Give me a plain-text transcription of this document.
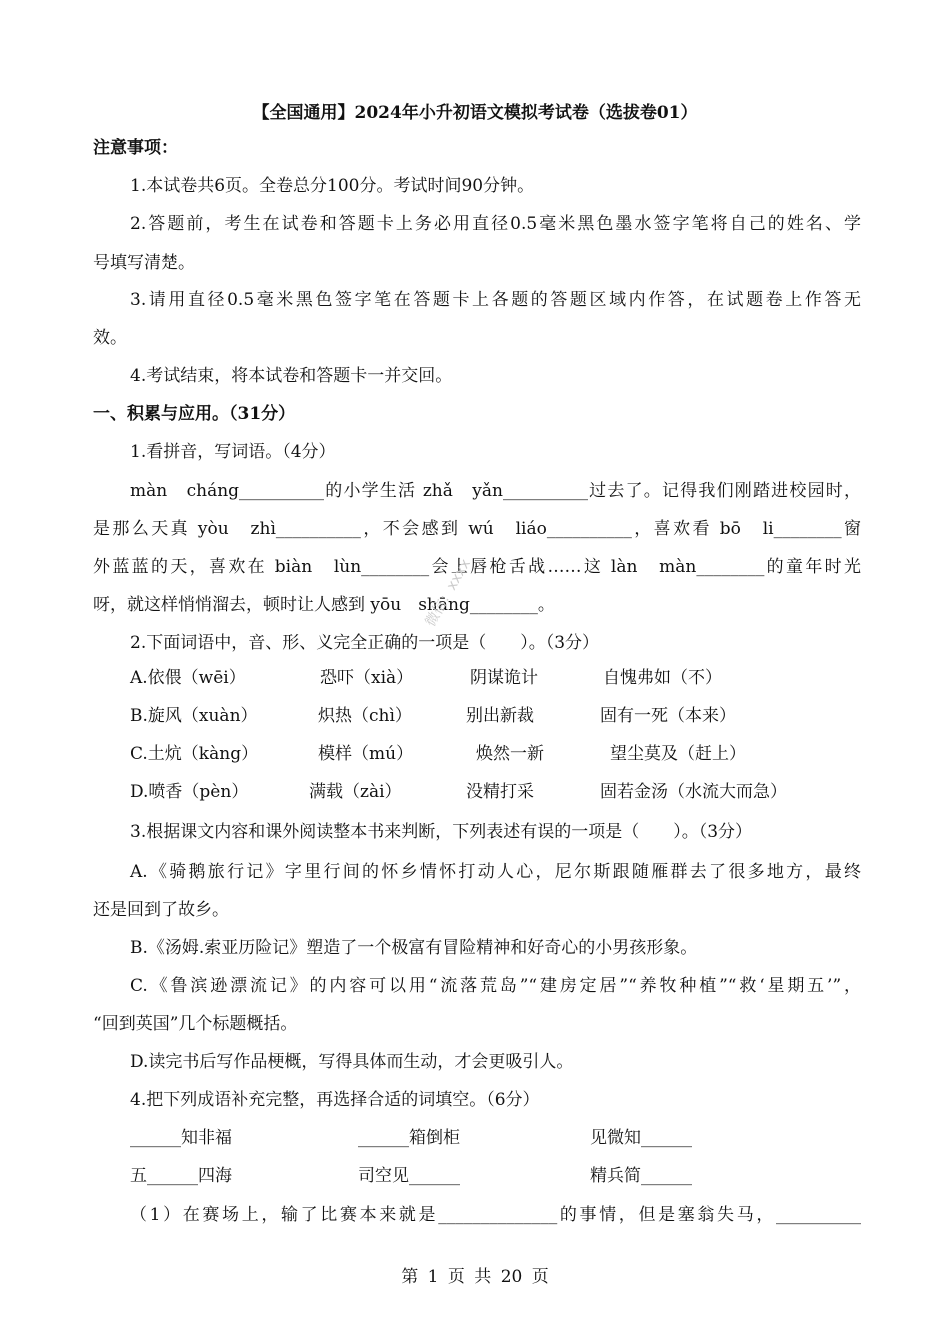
【全国通用】2024年小升初语文模拟考试卷（选拔卷01）
注意事项：
1.本试卷共6页。全卷总分100分。考试时间90分钟。
2.答题前，考生在试卷和答题卡上务必用直径0.5毫米黑色墨水签字笔将自己的姓名、学
号填写清楚。
3.请用直径0.5毫米黑色签字笔在答题卡上各题的答题区域内作答，在试题卷上作答无
效。
4.考试结束，将本试卷和答题卡一并交回。
一、积累与应用。（31分）
1.看拼音，写词语。（4分）
màn　cháng__________的小学生活 zhǎ　yǎn__________过去了。记得我们刚踏进校园时，
是那么天真 yòu　zhì__________，不会感到 wú　liáo__________，喜欢看 bō　li________窗
外蓝蓝的天，喜欢在 biàn　lùn________会上唇枪舌战……这 làn　màn________的童年时光
呀，就这样悄悄溜去，顿时让人感到 yōu　shāng________。
2.下面词语中，音、形、义完全正确的一项是（　　）。（3分）
A.依偎（wēi）	恐吓（xià）	阴谋诡计	自愧弗如（不）
B.旋风（xuàn）	炽热（chì）	别出新裁	固有一死（本来）
C.土炕（kàng）	模样（mú）	焕然一新	望尘莫及（赶上）
D.喷香（pèn）	满载（zài）	没精打采	固若金汤（水流大而急）
3.根据课文内容和课外阅读整本书来判断，下列表述有误的一项是（　　）。（3分）
A.《骑鹅旅行记》字里行间的怀乡情怀打动人心，尼尔斯跟随雁群去了很多地方，最终
还是回到了故乡。
B.《汤姆.索亚历险记》塑造了一个极富有冒险精神和好奇心的小男孩形象。
C.《鲁滨逊漂流记》的内容可以用“流落荒岛”“建房定居”“养牧种植”“救‘星期五’”，
“回到英国”几个标题概括。
D.读完书后写作品梗概，写得具体而生动，才会更吸引人。
4.把下列成语补充完整，再选择合适的词填空。（6分）
______知非福	______箱倒柜	见微知______
五______四海	司空见______	精兵简______
（1）在赛场上，输了比赛本来就是______________的事情，但是塞翁失马，__________
微信：xxxx
第 1 页 共 20 页
